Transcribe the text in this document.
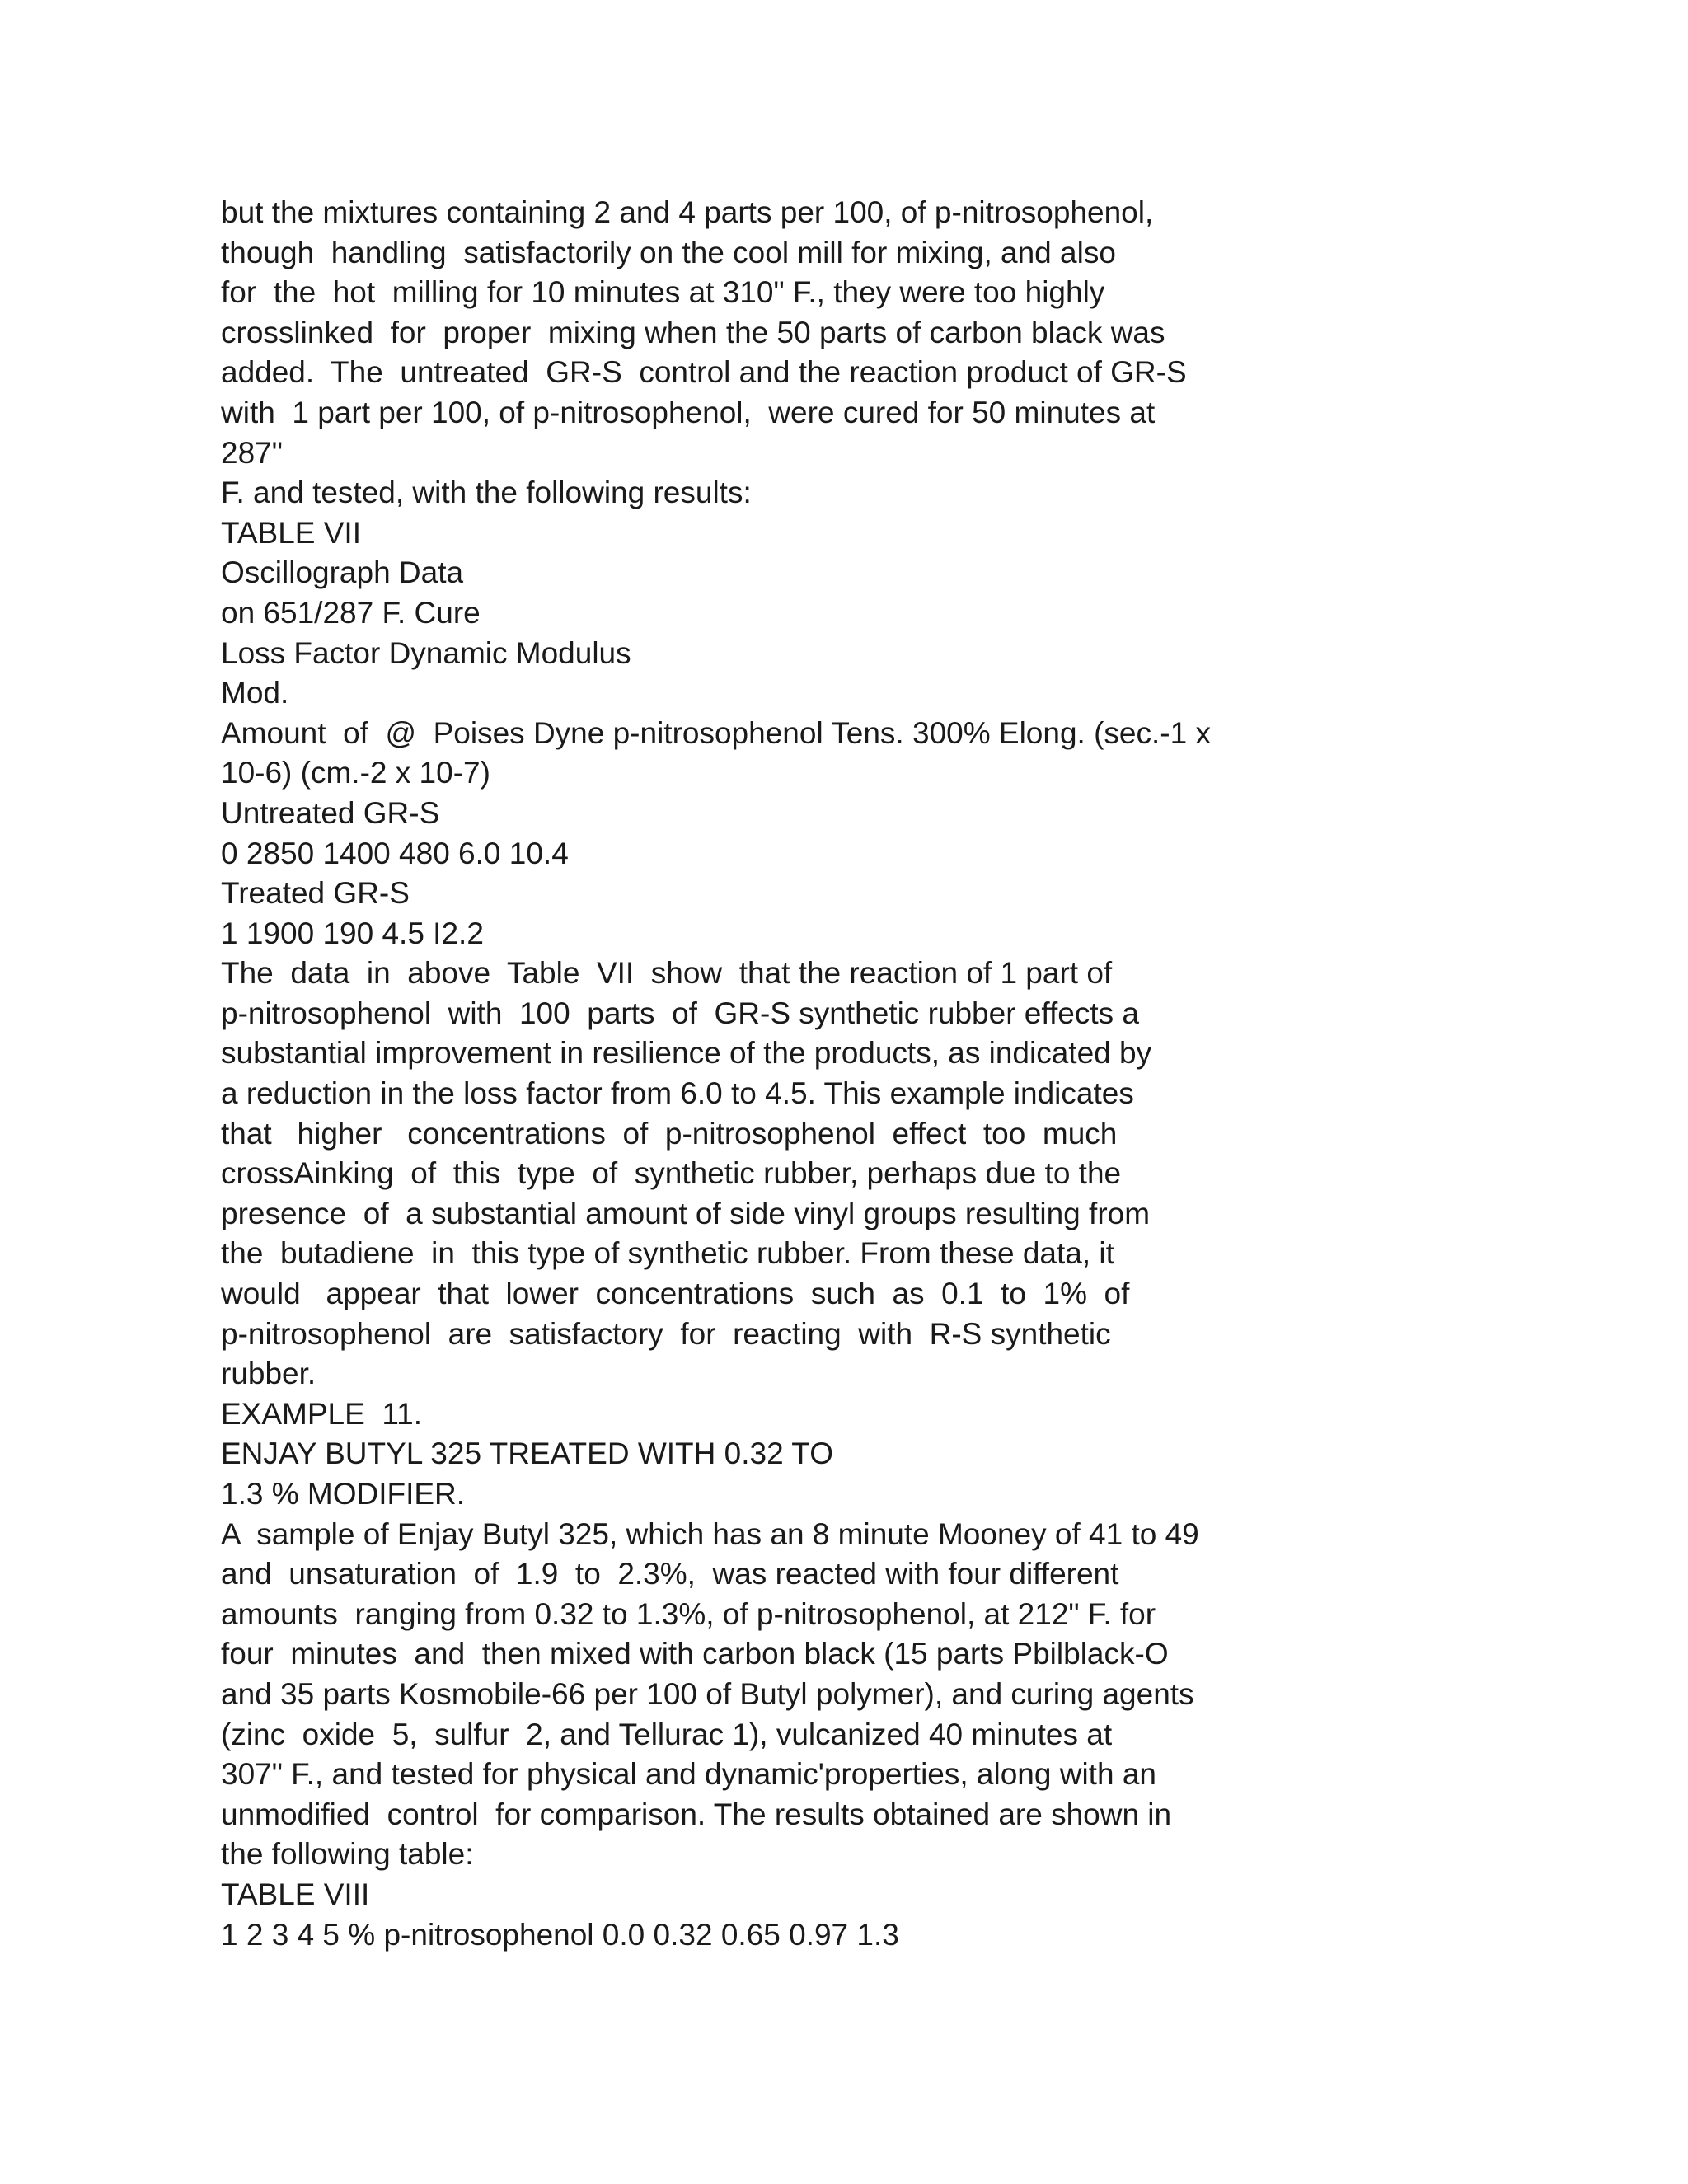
but the mixtures containing 2 and 4 parts per 100, of p-nitrosophenol,
though  handling  satisfactorily on the cool mill for mixing, and also
for  the  hot  milling for 10 minutes at 310" F., they were too highly
crosslinked  for  proper  mixing when the 50 parts of carbon black was
added.  The  untreated  GR-S  control and the reaction product of GR-S
with  1 part per 100, of p-nitrosophenol,  were cured for 50 minutes at
287"
F. and tested, with the following results:
TABLE VII
Oscillograph Data
on 651/287 F. Cure
Loss Factor Dynamic Modulus
Mod.
Amount  of  @  Poises Dyne p-nitrosophenol Tens. 300% Elong. (sec.-1 x
10-6) (cm.-2 x 10-7)
Untreated GR-S
0 2850 1400 480 6.0 10.4
Treated GR-S
1 1900 190 4.5 I2.2
The  data  in  above  Table  VII  show  that the reaction of 1 part of
p-nitrosophenol  with  100  parts  of  GR-S synthetic rubber effects a
substantial improvement in resilience of the products, as indicated by
a reduction in the loss factor from 6.0 to 4.5. This example indicates
that   higher   concentrations  of  p-nitrosophenol  effect  too  much
crossAinking  of  this  type  of  synthetic rubber, perhaps due to the
presence  of  a substantial amount of side vinyl groups resulting from
the  butadiene  in  this type of synthetic rubber. From these data, it
would   appear  that  lower  concentrations  such  as  0.1  to  1%  of
p-nitrosophenol  are  satisfactory  for  reacting  with  R-S synthetic
rubber.
EXAMPLE  11.
ENJAY BUTYL 325 TREATED WITH 0.32 TO
1.3 % MODIFIER.
A  sample of Enjay Butyl 325, which has an 8 minute Mooney of 41 to 49
and  unsaturation  of  1.9  to  2.3%,  was reacted with four different
amounts  ranging from 0.32 to 1.3%, of p-nitrosophenol, at 212" F. for
four  minutes  and  then mixed with carbon black (15 parts Pbilblack-O
and 35 parts Kosmobile-66 per 100 of Butyl polymer), and curing agents
(zinc  oxide  5,  sulfur  2, and Tellurac 1), vulcanized 40 minutes at
307" F., and tested for physical and dynamic'properties, along with an
unmodified  control  for comparison. The results obtained are shown in
the following table:
TABLE VIII
1 2 3 4 5 % p-nitrosophenol 0.0 0.32 0.65 0.97 1.3
